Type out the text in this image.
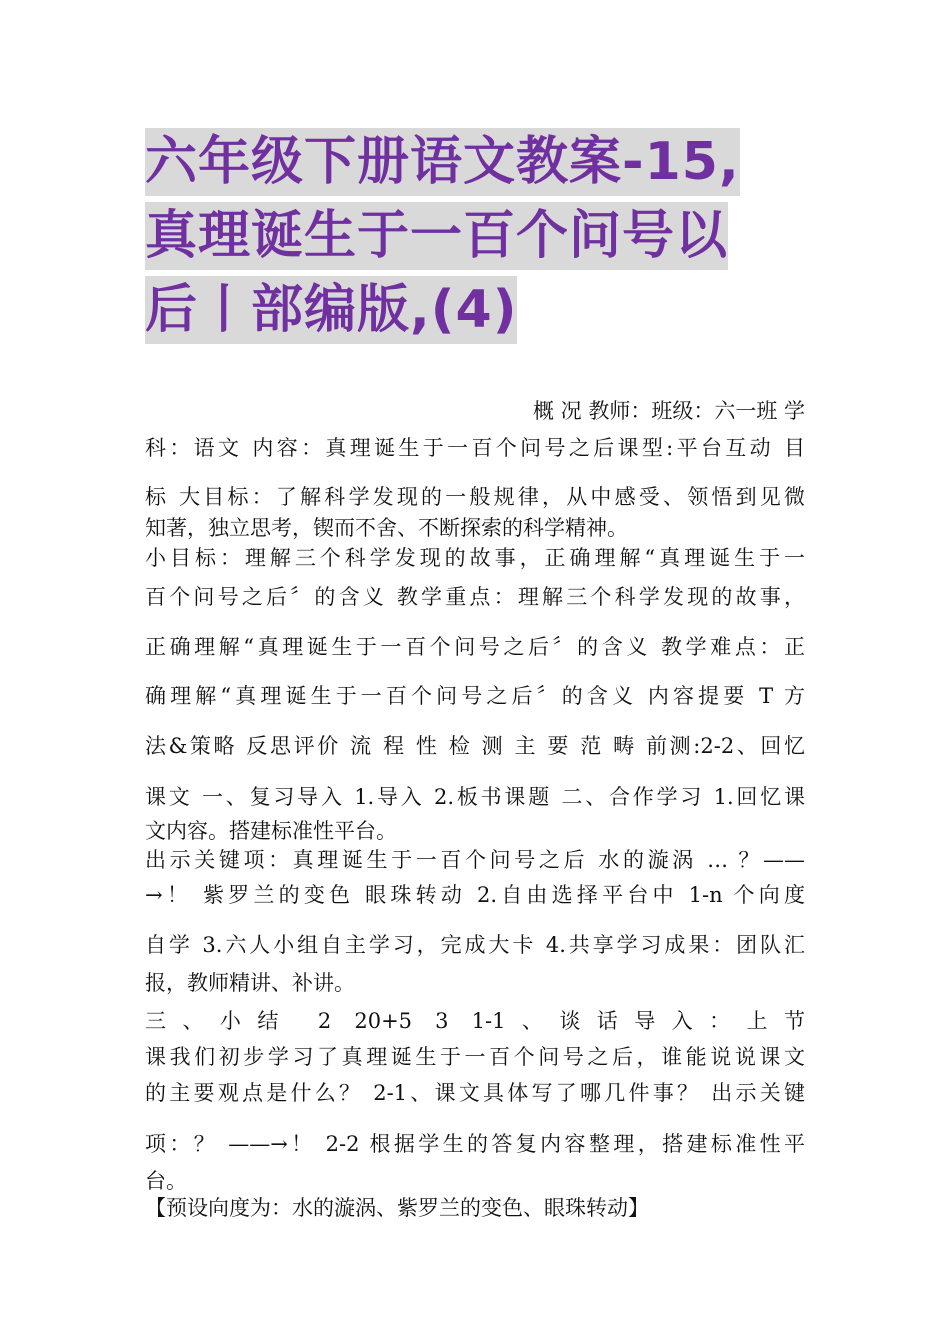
六年级下册语文教案-15,
真理诞生于一百个问号以
后丨部编版,(4)
概 况 教师：班级：六一班 学
科：语文 内容：真理诞生于一百个问号之后课型:平台互动 目
标 大目标：了解科学发现的一般规律，从中感受、领悟到见微
知著，独立思考，锲而不舍、不断探索的科学精神。
小目标：理解三个科学发现的故事，正确理解“真理诞生于一
百个问号之后〞的含义 教学重点：理解三个科学发现的故事，
正确理解“真理诞生于一百个问号之后〞的含义 教学难点：正
确理解“真理诞生于一百个问号之后〞的含义 内容提要 T 方
法&策略 反思评价 流 程 性 检 测 主 要 范 畴 前测:2-2、回忆
课文 一、复习导入 1.导入 2.板书课题 二、合作学习 1.回忆课
文内容。搭建标准性平台。
出示关键项：真理诞生于一百个问号之后 水的漩涡 … ？——
→！ 紫罗兰的变色 眼珠转动 2.自由选择平台中 1-n 个向度
自学 3.六人小组自主学习，完成大卡 4.共享学习成果：团队汇
报，教师精讲、补讲。
三、小结 2 20+5 3 1-1、谈话导入：上节
课我们初步学习了真理诞生于一百个问号之后，谁能说说课文
的主要观点是什么？ 2-1、课文具体写了哪几件事？ 出示关键
项：？ ——→！ 2-2 根据学生的答复内容整理，搭建标准性平
台。
【预设向度为：水的漩涡、紫罗兰的变色、眼珠转动】
